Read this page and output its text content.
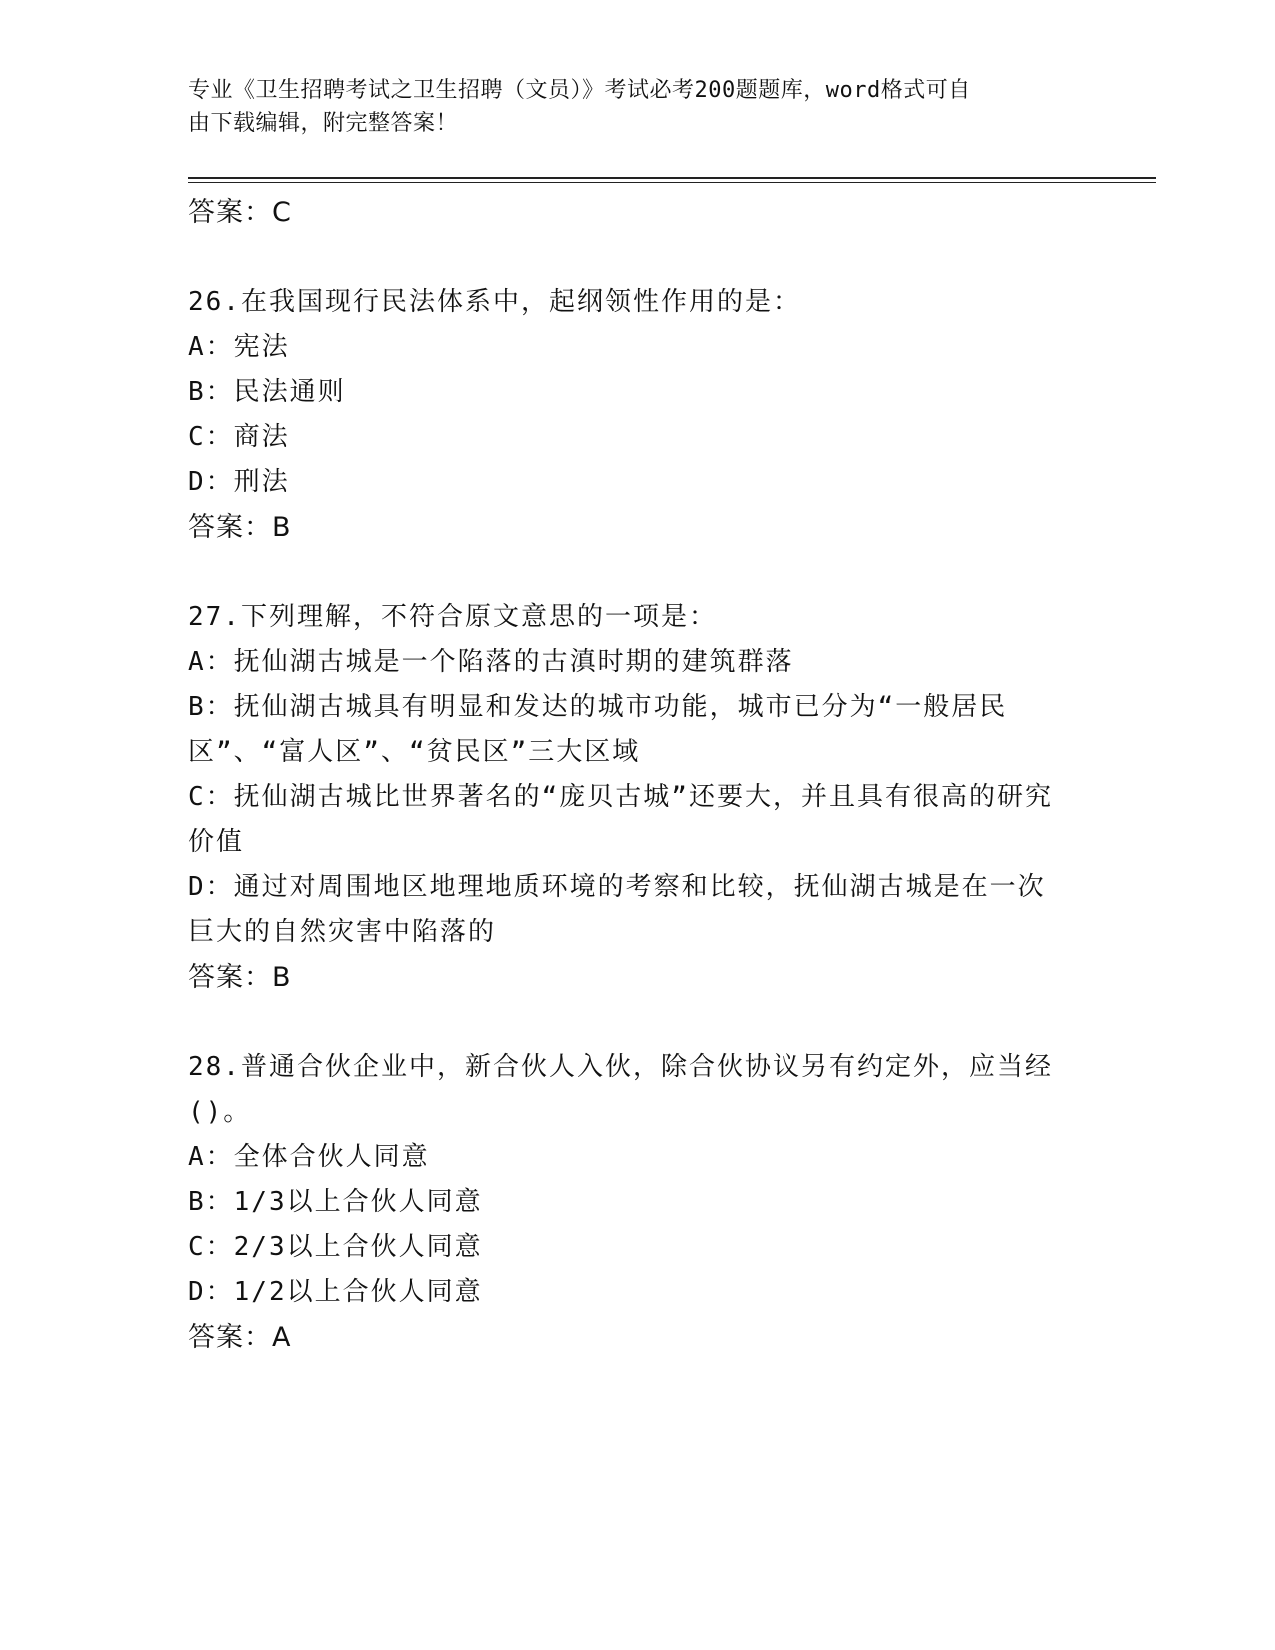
专业《卫生招聘考试之卫生招聘（文员）》考试必考200题题库，word格式可自
由下载编辑，附完整答案！

答案：C

26.在我国现行民法体系中，起纲领性作用的是：

A：宪法

B：民法通则

C：商法

D：刑法

答案：B

27.下列理解，不符合原文意思的一项是：

A：抚仙湖古城是一个陷落的古滇时期的建筑群落

B：抚仙湖古城具有明显和发达的城市功能，城市已分为“一般居民区”、“富人区”、“贫民区”三大区域

C：抚仙湖古城比世界著名的“庞贝古城”还要大，并且具有很高的研究价值

D：通过对周围地区地理地质环境的考察和比较，抚仙湖古城是在一次巨大的自然灾害中陷落的

答案：B

28.普通合伙企业中，新合伙人入伙，除合伙协议另有约定外，应当经()。

A：全体合伙人同意

B：1/3以上合伙人同意

C：2/3以上合伙人同意

D：1/2以上合伙人同意

答案：A
